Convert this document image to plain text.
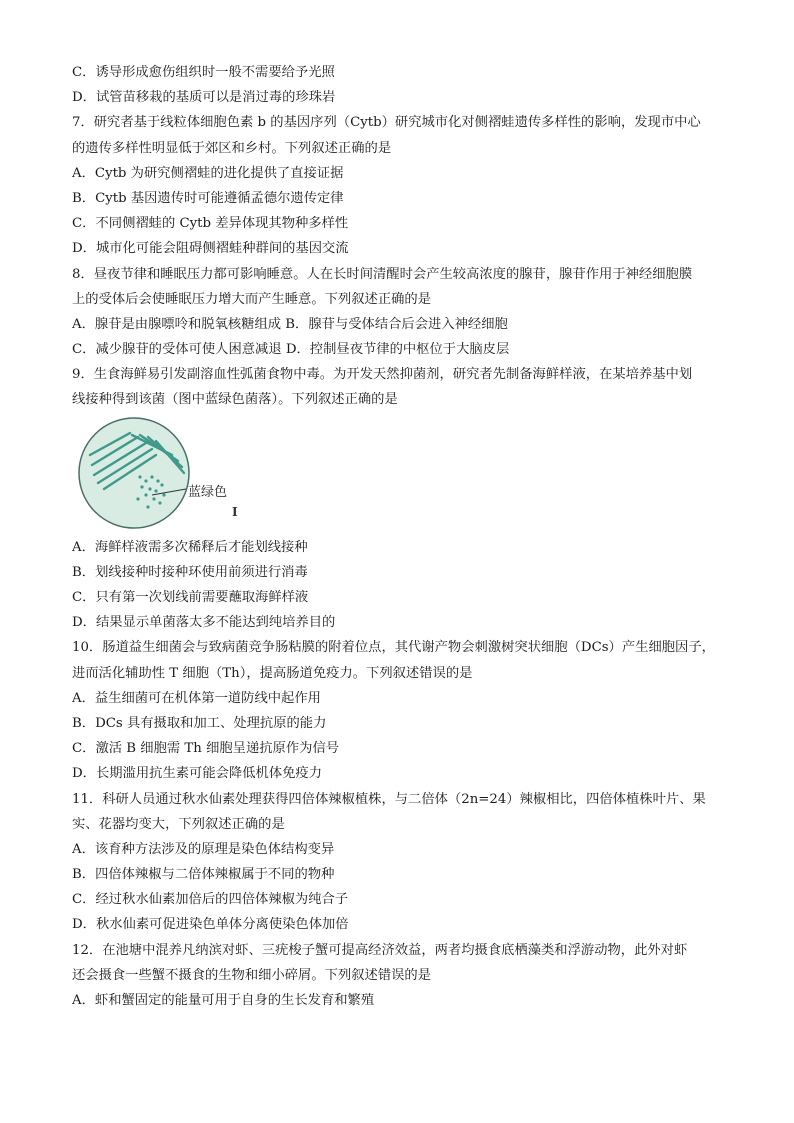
C．诱导形成愈伤组织时一般不需要给予光照
D．试管苗移栽的基质可以是消过毒的珍珠岩
7．研究者基于线粒体细胞色素 b 的基因序列（Cytb）研究城市化对侧褶蛙遗传多样性的影响，发现市中心
的遗传多样性明显低于郊区和乡村。下列叙述正确的是
A．Cytb 为研究侧褶蛙的进化提供了直接证据
B．Cytb 基因遗传时可能遵循孟德尔遗传定律
C．不同侧褶蛙的 Cytb 差异体现其物种多样性
D．城市化可能会阻碍侧褶蛙种群间的基因交流
8．昼夜节律和睡眠压力都可影响睡意。人在长时间清醒时会产生较高浓度的腺苷，腺苷作用于神经细胞膜
上的受体后会使睡眠压力增大而产生睡意。下列叙述正确的是
A．腺苷是由腺嘌呤和脱氧核糖组成 B．腺苷与受体结合后会进入神经细胞
C．减少腺苷的受体可使人困意减退 D．控制昼夜节律的中枢位于大脑皮层
9．生食海鲜易引发副溶血性弧菌食物中毒。为开发天然抑菌剂，研究者先制备海鲜样液，在某培养基中划
线接种得到该菌（图中蓝绿色菌落）。下列叙述正确的是
蓝绿色
I
A．海鲜样液需多次稀释后才能划线接种
B．划线接种时接种环使用前须进行消毒
C．只有第一次划线前需要蘸取海鲜样液
D．结果显示单菌落太多不能达到纯培养目的
10．肠道益生细菌会与致病菌竞争肠粘膜的附着位点，其代谢产物会刺激树突状细胞（DCs）产生细胞因子，
进而活化辅助性 T 细胞（Th），提高肠道免疫力。下列叙述错误的是
A．益生细菌可在机体第一道防线中起作用
B．DCs 具有摄取和加工、处理抗原的能力
C．激活 B 细胞需 Th 细胞呈递抗原作为信号
D．长期滥用抗生素可能会降低机体免疫力
11．科研人员通过秋水仙素处理获得四倍体辣椒植株，与二倍体（2n=24）辣椒相比，四倍体植株叶片、果
实、花器均变大，下列叙述正确的是
A．该育种方法涉及的原理是染色体结构变异
B．四倍体辣椒与二倍体辣椒属于不同的物种
C．经过秋水仙素加倍后的四倍体辣椒为纯合子
D．秋水仙素可促进染色单体分离使染色体加倍
12．在池塘中混养凡纳滨对虾、三疣梭子蟹可提高经济效益，两者均摄食底栖藻类和浮游动物，此外对虾
还会摄食一些蟹不摄食的生物和细小碎屑。下列叙述错误的是
A．虾和蟹固定的能量可用于自身的生长发育和繁殖
